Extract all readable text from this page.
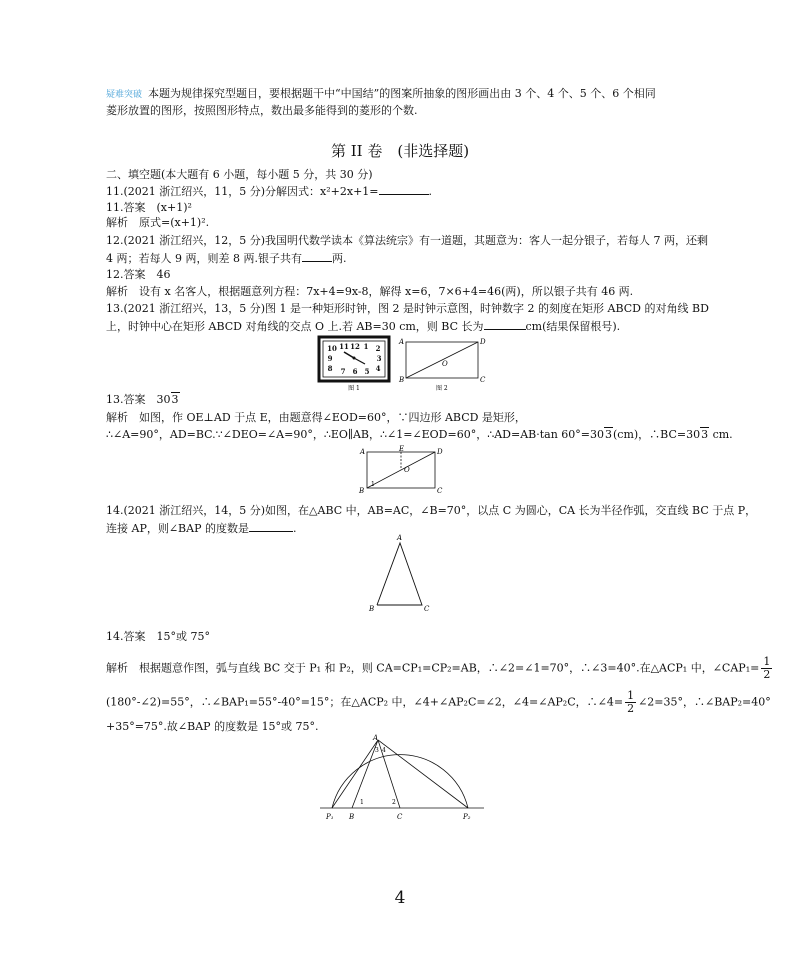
疑难突破 本题为规律探究型题目，要根据题干中“中国结”的图案所抽象的图形画出由 3 个、4 个、5 个、6 个相同
菱形放置的图形，按照图形特点，数出最多能得到的菱形的个数.
第 II 卷　(非选择题)
二、填空题(本大题有 6 小题，每小题 5 分，共 30 分)
11.(2021 浙江绍兴，11，5 分)分解因式：x²+2x+1=	.
11.答案　(x+1)²
解析　原式=(x+1)².
12.(2021 浙江绍兴，12，5 分)我国明代数学读本《算法统宗》有一道题，其题意为：客人一起分银子，若每人 7 两，还剩
4 两；若每人 9 两，则差 8 两.银子共有	两.
12.答案　46
解析　设有 x 名客人，根据题意列方程：7x+4=9x-8，解得 x=6，7×6+4=46(两)，所以银子共有 46 两.
13.(2021 浙江绍兴，13，5 分)图 1 是一种矩形时钟，图 2 是时钟示意图，时钟数字 2 的刻度在矩形 ABCD 的对角线 BD
上，时钟中心在矩形 ABCD 对角线的交点 O 上.若 AB=30 cm，则 BC 长为	cm(结果保留根号).
10 11 12 1 2
9	3
8 7 6 5 4
图 1
A	D
B	C
O
图 2
13.答案　303
解析　如图，作 OE⊥AD 于点 E，由题意得∠EOD=60°，∵四边形 ABCD 是矩形，
∴∠A=90°，AD=BC.∵∠DEO=∠A=90°，∴EO∥AB，∴∠1=∠EOD=60°，∴AD=AB·tan 60°=303(cm)，∴BC=303 cm.
A	D
B	C
E
O
1
14.(2021 浙江绍兴，14，5 分)如图，在△ABC 中，AB=AC，∠B=70°，以点 C 为圆心，CA 长为半径作弧，交直线 BC 于点 P，
连接 AP，则∠BAP 的度数是	.
A
B	C
14.答案　15°或 75°
解析　根据题意作图，弧与直线 BC 交于 P₁ 和 P₂，则 CA=CP₁=CP₂=AB，∴∠2=∠1=70°，∴∠3=40°.在△ACP₁ 中，∠CAP₁= $\frac{1}{2}$
(180°-∠2)=55°，∴∠BAP₁=55°-40°=15°；在△ACP₂ 中，∠4+∠AP₂C=∠2，∠4=∠AP₂C，∴∠4= $\frac{1}{2}$ ∠2=35°，∴∠BAP₂=40°
+35°=75°.故∠BAP 的度数是 15°或 75°.
A
B	C
P₁	P₂
1	2
3 4
4
